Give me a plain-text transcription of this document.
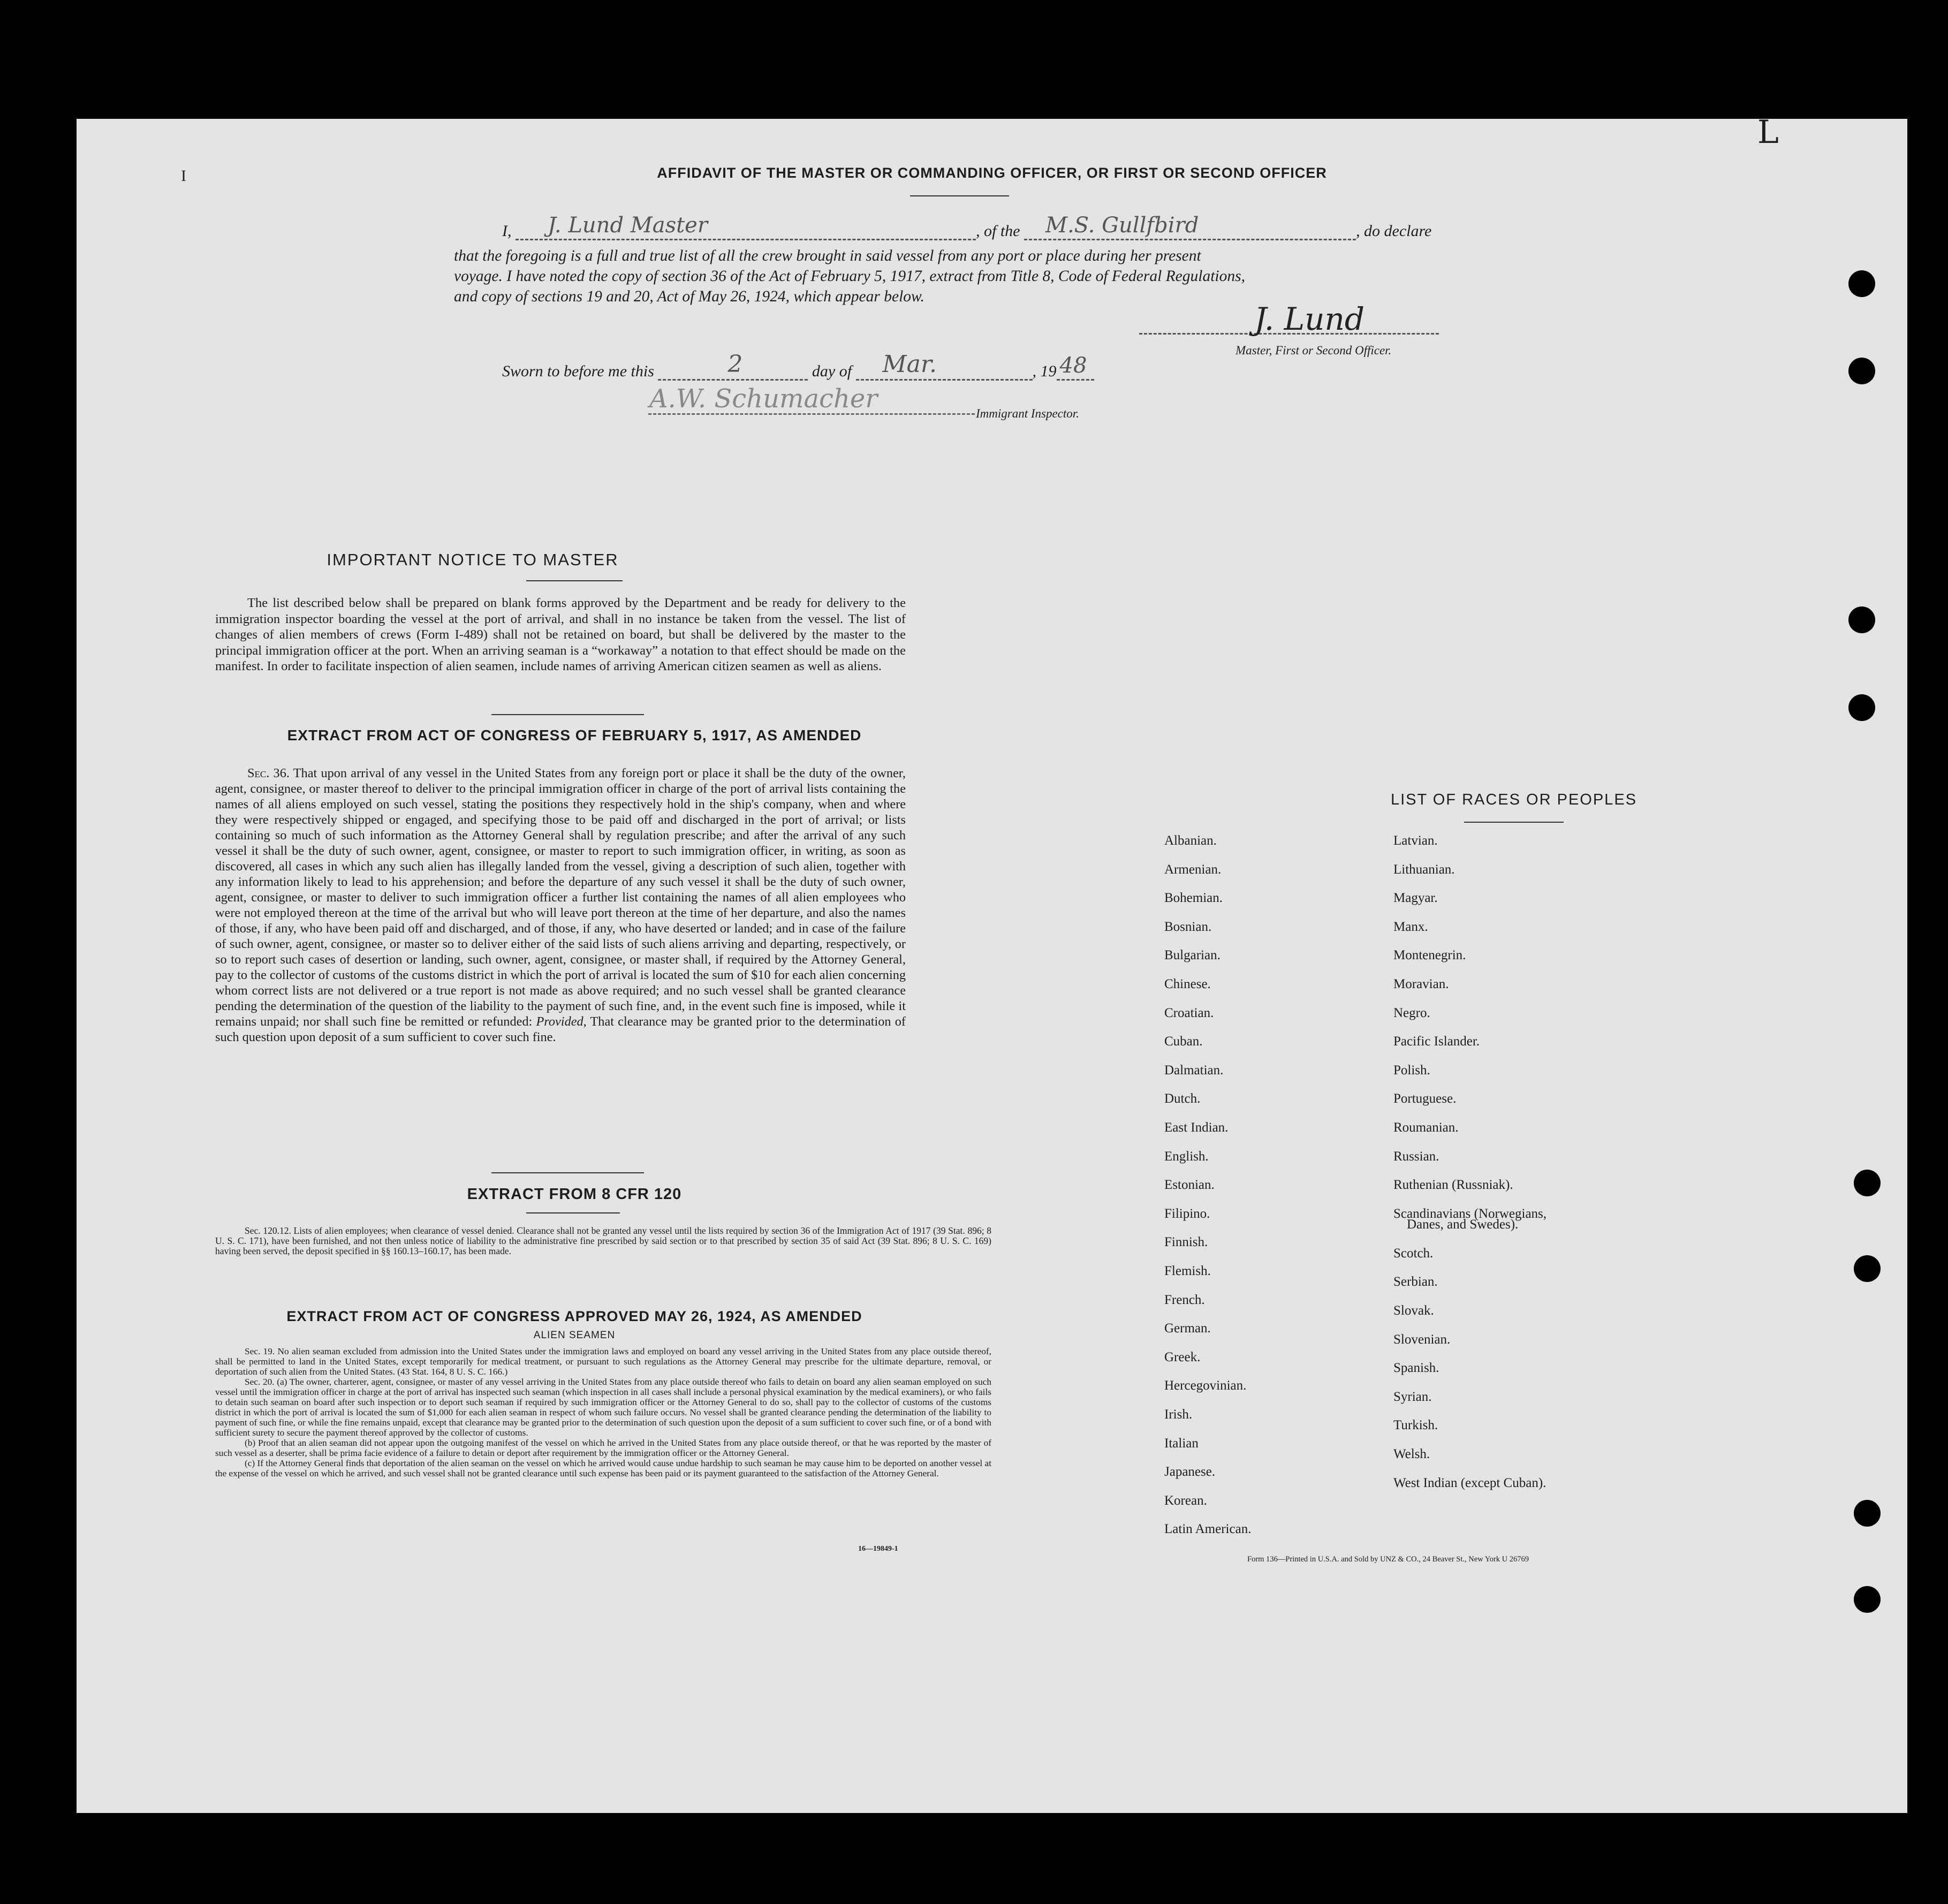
I
L
AFFIDAVIT OF THE MASTER OR COMMANDING OFFICER, OR FIRST OR SECOND OFFICER
I, J. Lund Master	, of the M.S. Gullfbird	, do declare
that the foregoing is a full and true list of all the crew brought in said vessel from any port or place during her present
voyage. I have noted the copy of section 36 of the Act of February 5, 1917, extract from Title 8, Code of Federal Regulations,
and copy of sections 19 and 20, Act of May 26, 1924, which appear below.
J. Lund
Master, First or Second Officer.
Sworn to before me this	2	day of Mar.	, 19 48
A.W. Schumacher	Immigrant Inspector.
IMPORTANT NOTICE TO MASTER
The list described below shall be prepared on blank forms approved by the Department and be ready for delivery to the immigration inspector boarding the vessel at the port of arrival, and shall in no instance be taken from the vessel. The list of changes of alien members of crews (Form I-489) shall not be retained on board, but shall be delivered by the master to the principal immigration officer at the port. When an arriving seaman is a “workaway” a notation to that effect should be made on the manifest. In order to facilitate inspection of alien seamen, include names of arriving American citizen seamen as well as aliens.
EXTRACT FROM ACT OF CONGRESS OF FEBRUARY 5, 1917, AS AMENDED
Sec. 36. That upon arrival of any vessel in the United States from any foreign port or place it shall be the duty of the owner, agent, consignee, or master thereof to deliver to the principal immigration officer in charge of the port of arrival lists containing the names of all aliens employed on such vessel, stating the positions they respectively hold in the ship's company, when and where they were respectively shipped or engaged, and specifying those to be paid off and discharged in the port of arrival; or lists containing so much of such information as the Attorney General shall by regulation prescribe; and after the arrival of any such vessel it shall be the duty of such owner, agent, consignee, or master to report to such immigration officer, in writing, as soon as discovered, all cases in which any such alien has illegally landed from the vessel, giving a description of such alien, together with any information likely to lead to his apprehension; and before the departure of any such vessel it shall be the duty of such owner, agent, consignee, or master to deliver to such immigration officer a further list containing the names of all alien employees who were not employed thereon at the time of the arrival but who will leave port thereon at the time of her departure, and also the names of those, if any, who have been paid off and discharged, and of those, if any, who have deserted or landed; and in case of the failure of such owner, agent, consignee, or master so to deliver either of the said lists of such aliens arriving and departing, respectively, or so to report such cases of desertion or landing, such owner, agent, consignee, or master shall, if required by the Attorney General, pay to the collector of customs of the customs district in which the port of arrival is located the sum of $10 for each alien concerning whom correct lists are not delivered or a true report is not made as above required; and no such vessel shall be granted clearance pending the determination of the question of the liability to the payment of such fine, and, in the event such fine is imposed, while it remains unpaid; nor shall such fine be remitted or refunded: Provided, That clearance may be granted prior to the determination of such question upon deposit of a sum sufficient to cover such fine.
EXTRACT FROM 8 CFR 120
Sec. 120.12. Lists of alien employees; when clearance of vessel denied. Clearance shall not be granted any vessel until the lists required by section 36 of the Immigration Act of 1917 (39 Stat. 896; 8 U. S. C. 171), have been furnished, and not then unless notice of liability to the administrative fine prescribed by said section or to that prescribed by section 35 of said Act (39 Stat. 896; 8 U. S. C. 169) having been served, the deposit specified in §§ 160.13–160.17, has been made.
EXTRACT FROM ACT OF CONGRESS APPROVED MAY 26, 1924, AS AMENDED
ALIEN SEAMEN
Sec. 19. No alien seaman excluded from admission into the United States under the immigration laws and employed on board any vessel arriving in the United States from any place outside thereof, shall be permitted to land in the United States, except temporarily for medical treatment, or pursuant to such regulations as the Attorney General may prescribe for the ultimate departure, removal, or deportation of such alien from the United States. (43 Stat. 164, 8 U. S. C. 166.)
Sec. 20. (a) The owner, charterer, agent, consignee, or master of any vessel arriving in the United States from any place outside thereof who fails to detain on board any alien seaman employed on such vessel until the immigration officer in charge at the port of arrival has inspected such seaman (which inspection in all cases shall include a personal physical examination by the medical examiners), or who fails to detain such seaman on board after such inspection or to deport such seaman if required by such immigration officer or the Attorney General to do so, shall pay to the collector of customs of the customs district in which the port of arrival is located the sum of $1,000 for each alien seaman in respect of whom such failure occurs. No vessel shall be granted clearance pending the determination of the liability to payment of such fine, or while the fine remains unpaid, except that clearance may be granted prior to the determination of such question upon the deposit of a sum sufficient to cover such fine, or of a bond with sufficient surety to secure the payment thereof approved by the collector of customs.
(b) Proof that an alien seaman did not appear upon the outgoing manifest of the vessel on which he arrived in the United States from any place outside thereof, or that he was reported by the master of such vessel as a deserter, shall be prima facie evidence of a failure to detain or deport after requirement by the immigration officer or the Attorney General.
(c) If the Attorney General finds that deportation of the alien seaman on the vessel on which he arrived would cause undue hardship to such seaman he may cause him to be deported on another vessel at the expense of the vessel on which he arrived, and such vessel shall not be granted clearance until such expense has been paid or its payment guaranteed to the satisfaction of the Attorney General.
16—19849-1
LIST OF RACES OR PEOPLES
Albanian.
Armenian.
Bohemian.
Bosnian.
Bulgarian.
Chinese.
Croatian.
Cuban.
Dalmatian.
Dutch.
East Indian.
English.
Estonian.
Filipino.
Finnish.
Flemish.
French.
German.
Greek.
Hercegovinian.
Irish.
Italian
Japanese.
Korean.
Latin American.
Latvian.
Lithuanian.
Magyar.
Manx.
Montenegrin.
Moravian.
Negro.
Pacific Islander.
Polish.
Portuguese.
Roumanian.
Russian.
Ruthenian (Russniak).
Scandinavians (Norwegians,
Danes, and Swedes).
Scotch.
Serbian.
Slovak.
Slovenian.
Spanish.
Syrian.
Turkish.
Welsh.
West Indian (except Cuban).
Form 136—Printed in U.S.A. and Sold by UNZ & CO., 24 Beaver St., New York U 26769
